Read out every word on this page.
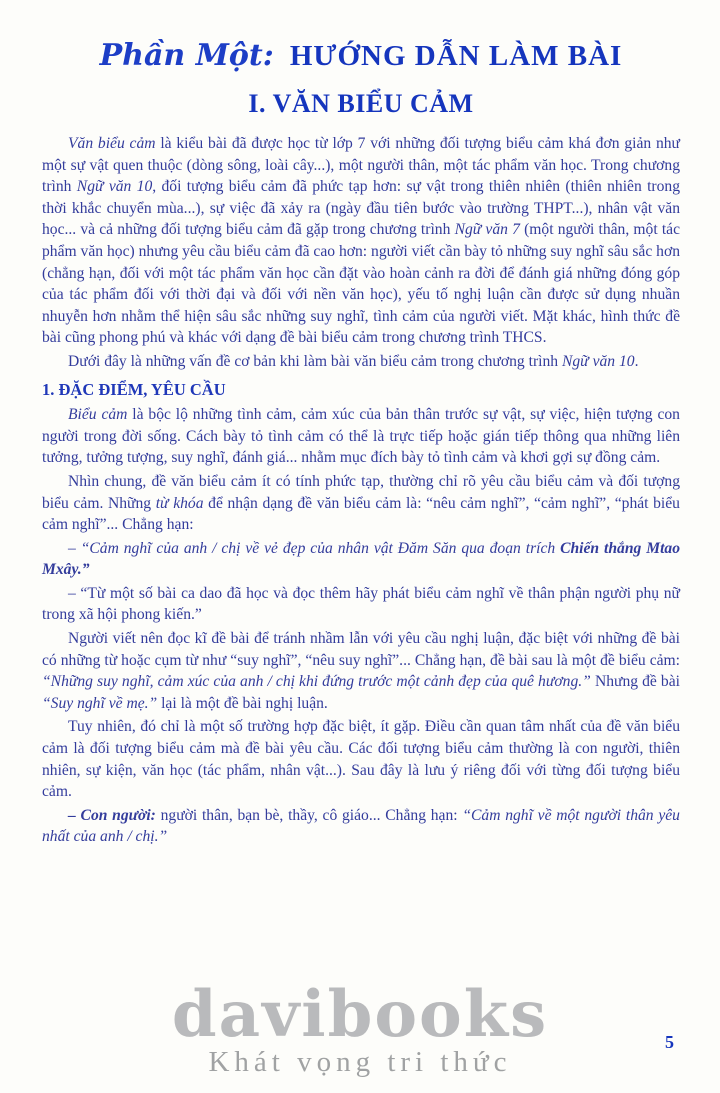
Phần Một: HƯỚNG DẪN LÀM BÀI
I. VĂN BIỂU CẢM

Văn biểu cảm là kiểu bài đã được học từ lớp 7 với những đối tượng biểu cảm khá đơn giản như một sự vật quen thuộc (dòng sông, loài cây...), một người thân, một tác phẩm văn học. Trong chương trình Ngữ văn 10, đối tượng biểu cảm đã phức tạp hơn: sự vật trong thiên nhiên (thiên nhiên trong thời khắc chuyển mùa...), sự việc đã xảy ra (ngày đầu tiên bước vào trường THPT...), nhân vật văn học... và cả những đối tượng biểu cảm đã gặp trong chương trình Ngữ văn 7 (một người thân, một tác phẩm văn học) nhưng yêu cầu biểu cảm đã cao hơn: người viết cần bày tỏ những suy nghĩ sâu sắc hơn (chẳng hạn, đối với một tác phẩm văn học cần đặt vào hoàn cảnh ra đời để đánh giá những đóng góp của tác phẩm đối với thời đại và đối với nền văn học), yếu tố nghị luận cần được sử dụng nhuần nhuyễn hơn nhằm thể hiện sâu sắc những suy nghĩ, tình cảm của người viết. Mặt khác, hình thức đề bài cũng phong phú và khác với dạng đề bài biểu cảm trong chương trình THCS.

Dưới đây là những vấn đề cơ bản khi làm bài văn biểu cảm trong chương trình Ngữ văn 10.

1. ĐẶC ĐIỂM, YÊU CẦU

Biểu cảm là bộc lộ những tình cảm, cảm xúc của bản thân trước sự vật, sự việc, hiện tượng con người trong đời sống. Cách bày tỏ tình cảm có thể là trực tiếp hoặc gián tiếp thông qua những liên tưởng, tưởng tượng, suy nghĩ, đánh giá... nhằm mục đích bày tỏ tình cảm và khơi gợi sự đồng cảm.

Nhìn chung, đề văn biểu cảm ít có tính phức tạp, thường chỉ rõ yêu cầu biểu cảm và đối tượng biểu cảm. Những từ khóa để nhận dạng đề văn biểu cảm là: “nêu cảm nghĩ”, “cảm nghĩ”, “phát biểu cảm nghĩ”... Chẳng hạn:

– “Cảm nghĩ của anh / chị về vẻ đẹp của nhân vật Đăm Săn qua đoạn trích Chiến thắng Mtao Mxây.”

– “Từ một số bài ca dao đã học và đọc thêm hãy phát biểu cảm nghĩ về thân phận người phụ nữ trong xã hội phong kiến.”

Người viết nên đọc kĩ đề bài để tránh nhầm lẫn với yêu cầu nghị luận, đặc biệt với những đề bài có những từ hoặc cụm từ như “suy nghĩ”, “nêu suy nghĩ”... Chẳng hạn, đề bài sau là một đề biểu cảm: “Những suy nghĩ, cảm xúc của anh / chị khi đứng trước một cảnh đẹp của quê hương.” Nhưng đề bài “Suy nghĩ về mẹ.” lại là một đề bài nghị luận.

Tuy nhiên, đó chỉ là một số trường hợp đặc biệt, ít gặp. Điều cần quan tâm nhất của đề văn biểu cảm là đối tượng biểu cảm mà đề bài yêu cầu. Các đối tượng biểu cảm thường là con người, thiên nhiên, sự kiện, văn học (tác phẩm, nhân vật...). Sau đây là lưu ý riêng đối với từng đối tượng biểu cảm.

– Con người: người thân, bạn bè, thầy, cô giáo... Chẳng hạn: “Cảm nghĩ về một người thân yêu nhất của anh / chị.”

davibooks
Khát vọng tri thức
5
